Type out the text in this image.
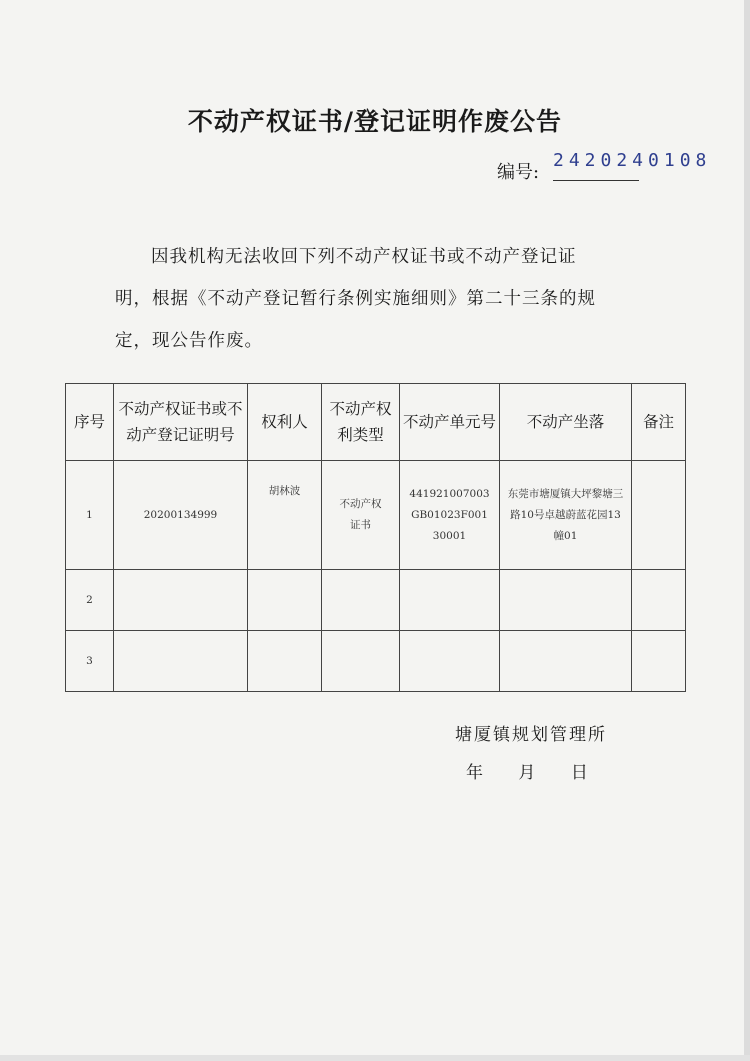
不动产权证书/登记证明作废公告
编号:
2420240108
因我机构无法收回下列不动产权证书或不动产登记证
明，根据《不动产登记暂行条例实施细则》第二十三条的规
定，现公告作废。
序号	不动产权证书或不动产登记证明号	权利人	不动产权利类型	不动产单元号	不动产坐落	备注

1	20200134999	胡林波	不动产权证书	441921007003GB01023F00130001	东莞市塘厦镇大坪黎塘三路10号卓越蔚蓝花园13幢01	
2						
3						
塘厦镇规划管理所
年 月 日
